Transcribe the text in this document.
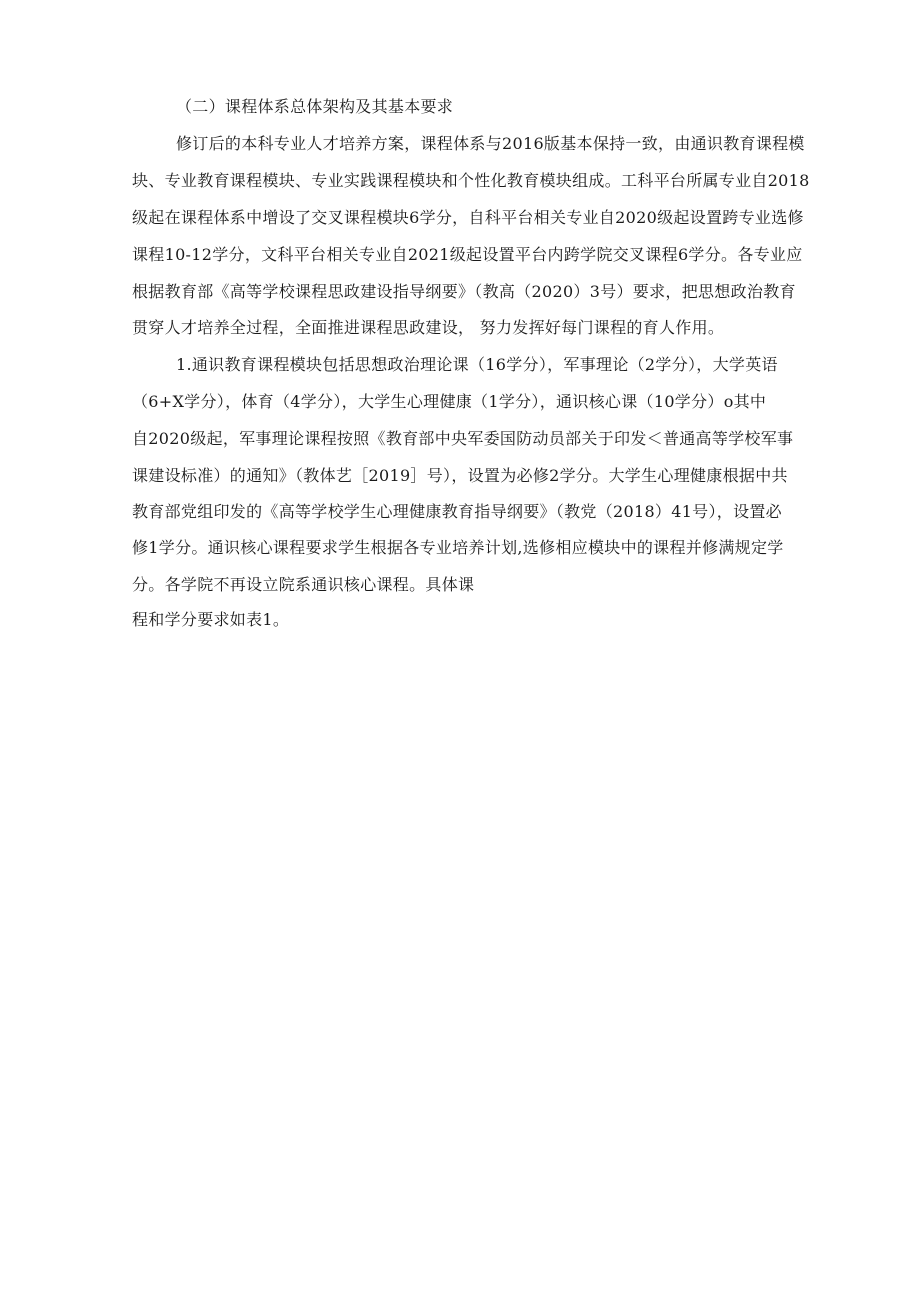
（二）课程体系总体架构及其基本要求
修订后的本科专业人才培养方案，课程体系与2016版基本保持一致，由通识教育课程模
块、专业教育课程模块、专业实践课程模块和个性化教育模块组成。工科平台所属专业自2018
级起在课程体系中增设了交叉课程模块6学分，自科平台相关专业自2020级起设置跨专业选修
课程10-12学分，文科平台相关专业自2021级起设置平台内跨学院交叉课程6学分。各专业应
根据教育部《高等学校课程思政建设指导纲要》（教高（2020）3号）要求，把思想政治教育
贯穿人才培养全过程，全面推进课程思政建设， 努力发挥好每门课程的育人作用。
1.通识教育课程模块包括思想政治理论课（16学分），军事理论（2学分），大学英语
（6+X学分），体育（4学分），大学生心理健康（1学分），通识核心课（10学分）o其中
自2020级起，军事理论课程按照《教育部中央军委国防动员部关于印发＜普通高等学校军事
课建设标准）的通知》（教体艺［2019］号），设置为必修2学分。大学生心理健康根据中共
教育部党组印发的《高等学校学生心理健康教育指导纲要》（教党（2018）41号），设置必
修1学分。通识核心课程要求学生根据各专业培养计划,选修相应模块中的课程并修满规定学
分。各学院不再设立院系通识核心课程。具体课
程和学分要求如表1。
